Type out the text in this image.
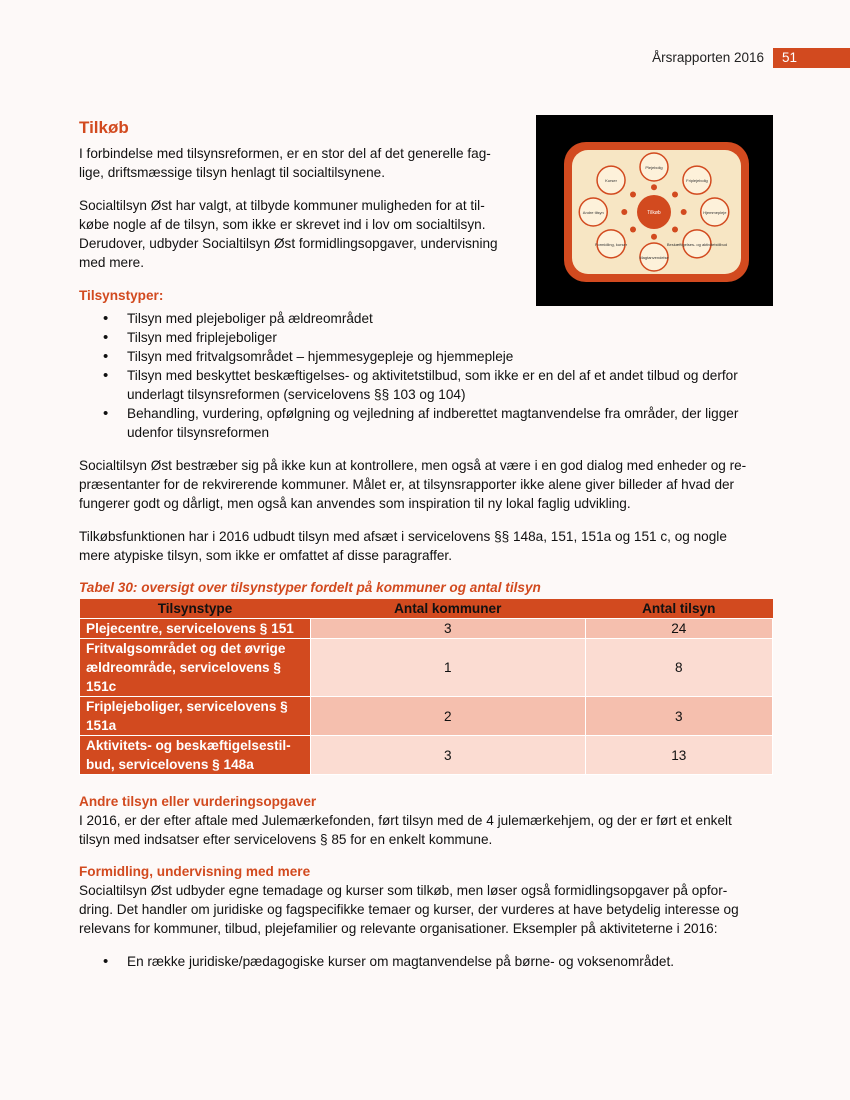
Årsrapporten 2016	51
Plejebolig
Friplejebolig
Hjemmepleje
Beskæftigelses- og aktivitetstilbud
Magtanvendelse
Formidling, kurser
Andre tilsyn
Kurser
Tilkøb
Tilkøb
I forbindelse med tilsynsreformen, er en stor del af det generelle fag-
lige, driftsmæssige tilsyn henlagt til socialtilsynene.
Socialtilsyn Øst har valgt, at tilbyde kommuner muligheden for at til-
købe nogle af de tilsyn, som ikke er skrevet ind i lov om socialtilsyn.
Derudover, udbyder Socialtilsyn Øst formidlingsopgaver, undervisning
med mere.
Tilsynstyper:
• Tilsyn med plejeboliger på ældreområdet
• Tilsyn med friplejeboliger
• Tilsyn med fritvalgsområdet – hjemmesygepleje og hjemmepleje
• Tilsyn med beskyttet beskæftigelses- og aktivitetstilbud, som ikke er en del af et andet tilbud og derfor
underlagt tilsynsreformen (servicelovens §§ 103 og 104)
• Behandling, vurdering, opfølgning og vejledning af indberettet magtanvendelse fra områder, der ligger
udenfor tilsynsreformen
Socialtilsyn Øst bestræber sig på ikke kun at kontrollere, men også at være i en god dialog med enheder og re-
præsentanter for de rekvirerende kommuner. Målet er, at tilsynsrapporter ikke alene giver billeder af hvad der
fungerer godt og dårligt, men også kan anvendes som inspiration til ny lokal faglig udvikling.
Tilkøbsfunktionen har i 2016 udbudt tilsyn med afsæt i servicelovens §§ 148a, 151, 151a og 151 c, og nogle
mere atypiske tilsyn, som ikke er omfattet af disse paragraffer.
Tabel 30: oversigt over tilsynstyper fordelt på kommuner og antal tilsyn
Tilsynstype	Antal kommuner	Antal tilsyn

Plejecentre, servicelovens § 151	3	24

Fritvalgsområdet og det øvrige
ældreområde, servicelovens §
151c	1	8

Friplejeboliger, servicelovens §
151a	2	3

Aktivitets- og beskæftigelsestil-
bud, servicelovens § 148a	3	13
Andre tilsyn eller vurderingsopgaver
I 2016, er der efter aftale med Julemærkefonden, ført tilsyn med de 4 julemærkehjem, og der er ført et enkelt
tilsyn med indsatser efter servicelovens § 85 for en enkelt kommune.
Formidling, undervisning med mere
Socialtilsyn Øst udbyder egne temadage og kurser som tilkøb, men løser også formidlingsopgaver på opfor-
dring. Det handler om juridiske og fagspecifikke temaer og kurser, der vurderes at have betydelig interesse og
relevans for kommuner, tilbud, plejefamilier og relevante organisationer. Eksempler på aktiviteterne i 2016:
• En række juridiske/pædagogiske kurser om magtanvendelse på børne- og voksenområdet.
